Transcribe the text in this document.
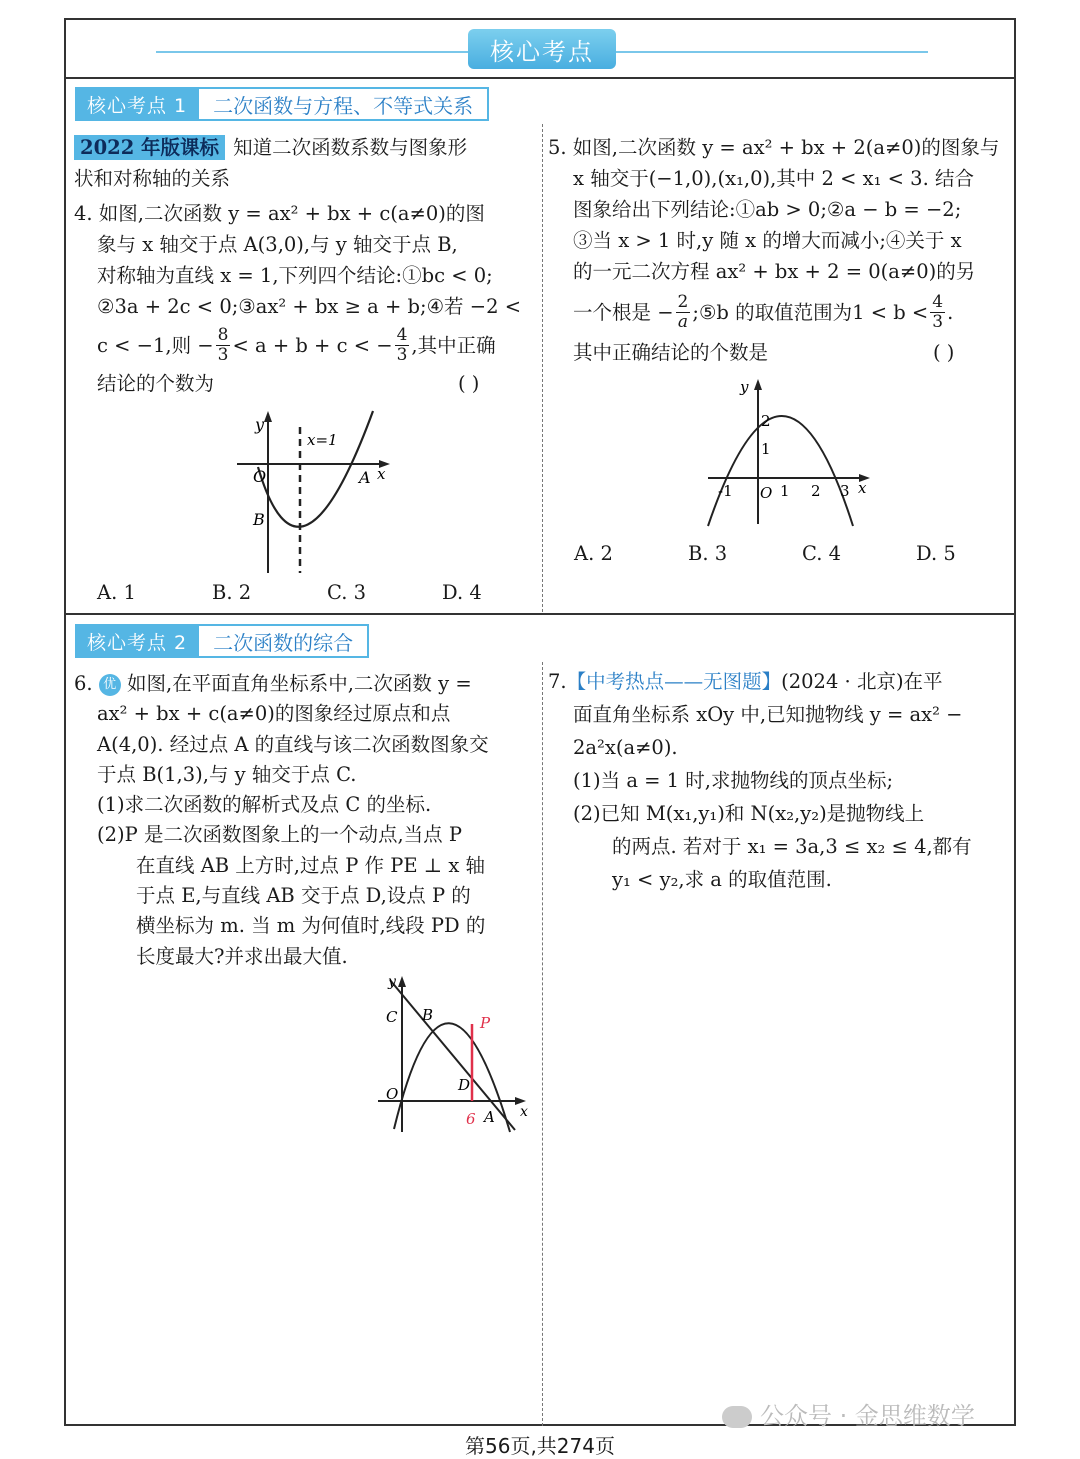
核心考点
核心考点 1	二次函数与方程、不等式关系
2022 年版课标 知道二次函数系数与图象形
状和对称轴的关系
4. 如图,二次函数 y = ax² + bx + c(a≠0)的图
象与 x 轴交于点 A(3,0),与 y 轴交于点 B,
对称轴为直线 x = 1,下列四个结论:①bc < 0;
②3a + 2c < 0;③ax² + bx ≥ a + b;④若 −2 <
c < −1,则 − $\frac{8}{3} < a + b + c$ < − $\frac{4}{3}$ ,其中正确
结论的个数为	( )
y
x
x=1
O	A
B
A. 1	B. 2	C. 3	D. 4
5. 如图,二次函数 y = ax² + bx + 2(a≠0)的图象与
x 轴交于(−1,0),(x₁,0),其中 2 < x₁ < 3. 结合
图象给出下列结论:①ab > 0;②a − b = −2;
③当 x > 1 时,y 随 x 的增大而减小;④关于 x
的一元二次方程 ax² + bx + 2 = 0(a≠0)的另
一个根是 − $\frac{2}{a}$ ;⑤b 的取值范围为$1 < b < \frac{4}{3}$ .
其中正确结论的个数是	( )
y
x
O
-1	1 2 3
1
2
A. 2	B. 3	C. 4	D. 5
核心考点 2	二次函数的综合
6. 优 如图,在平面直角坐标系中,二次函数 y =
ax² + bx + c(a≠0)的图象经过原点和点
A(4,0). 经过点 A 的直线与该二次函数图象交
于点 B(1,3),与 y 轴交于点 C.
(1)求二次函数的解析式及点 C 的坐标.
(2)P 是二次函数图象上的一个动点,当点 P
在直线 AB 上方时,过点 P 作 PE ⊥ x 轴
于点 E,与直线 AB 交于点 D,设点 P 的
横坐标为 m. 当 m 为何值时,线段 PD 的
长度最大?并求出最大值.
y
x
O
C B	P
D
6 A
7.【中考热点——无图题】(2024 · 北京)在平
面直角坐标系 xOy 中,已知抛物线 y = ax² −
2a²x(a≠0).
(1)当 a = 1 时,求抛物线的顶点坐标;
(2)已知 M(x₁,y₁)和 N(x₂,y₂)是抛物线上
的两点. 若对于 x₁ = 3a,3 ≤ x₂ ≤ 4,都有
y₁ < y₂,求 a 的取值范围.
公众号 · 金思维数学
第56页,共274页
